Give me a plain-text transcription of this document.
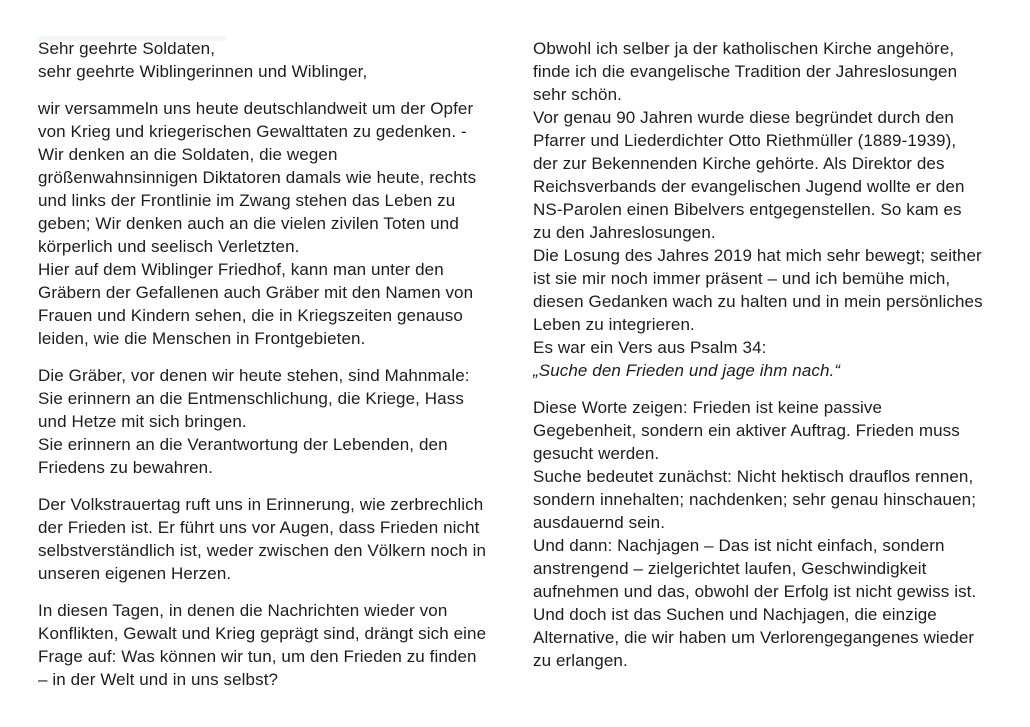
Sehr geehrte Soldaten,
sehr geehrte Wiblingerinnen und Wiblinger,
wir versammeln uns heute deutschlandweit um der Opfer
von Krieg und kriegerischen Gewalttaten zu gedenken. -
Wir denken an die Soldaten, die wegen
größenwahnsinnigen Diktatoren damals wie heute, rechts
und links der Frontlinie im Zwang stehen das Leben zu
geben; Wir denken auch an die vielen zivilen Toten und
körperlich und seelisch Verletzten.
Hier auf dem Wiblinger Friedhof, kann man unter den
Gräbern der Gefallenen auch Gräber mit den Namen von
Frauen und Kindern sehen, die in Kriegszeiten genauso
leiden, wie die Menschen in Frontgebieten.
Die Gräber, vor denen wir heute stehen, sind Mahnmale:
Sie erinnern an die Entmenschlichung, die Kriege, Hass
und Hetze mit sich bringen.
Sie erinnern an die Verantwortung der Lebenden, den
Friedens zu bewahren.
Der Volkstrauertag ruft uns in Erinnerung, wie zerbrechlich
der Frieden ist. Er führt uns vor Augen, dass Frieden nicht
selbstverständlich ist, weder zwischen den Völkern noch in
unseren eigenen Herzen.
In diesen Tagen, in denen die Nachrichten wieder von
Konflikten, Gewalt und Krieg geprägt sind, drängt sich eine
Frage auf: Was können wir tun, um den Frieden zu finden
– in der Welt und in uns selbst?
Obwohl ich selber ja der katholischen Kirche angehöre,
finde ich die evangelische Tradition der Jahreslosungen
sehr schön.
Vor genau 90 Jahren wurde diese begründet durch den
Pfarrer und Liederdichter Otto Riethmüller (1889-1939),
der zur Bekennenden Kirche gehörte. Als Direktor des
Reichsverbands der evangelischen Jugend wollte er den
NS-Parolen einen Bibelvers entgegenstellen. So kam es
zu den Jahreslosungen.
Die Losung des Jahres 2019 hat mich sehr bewegt; seither
ist sie mir noch immer präsent – und ich bemühe mich,
diesen Gedanken wach zu halten und in mein persönliches
Leben zu integrieren.
Es war ein Vers aus Psalm 34:
„Suche den Frieden und jage ihm nach.“
Diese Worte zeigen: Frieden ist keine passive
Gegebenheit, sondern ein aktiver Auftrag. Frieden muss
gesucht werden.
Suche bedeutet zunächst: Nicht hektisch drauflos rennen,
sondern innehalten; nachdenken; sehr genau hinschauen;
ausdauernd sein.
Und dann: Nachjagen – Das ist nicht einfach, sondern
anstrengend – zielgerichtet laufen, Geschwindigkeit
aufnehmen und das, obwohl der Erfolg ist nicht gewiss ist.
Und doch ist das Suchen und Nachjagen, die einzige
Alternative, die wir haben um Verlorengegangenes wieder
zu erlangen.
